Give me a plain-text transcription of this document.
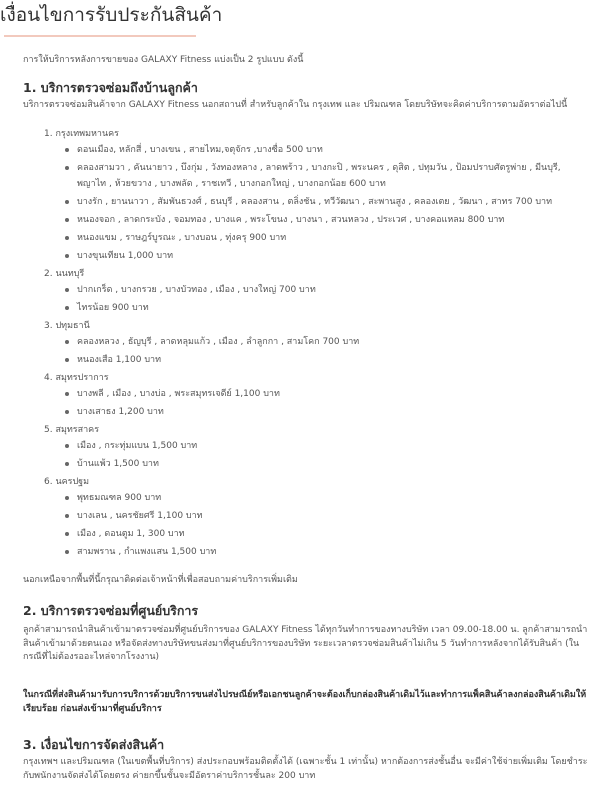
เงื่อนไขการรับประกันสินค้า
การให้บริการหลังการขายของ GALAXY Fitness แบ่งเป็น 2 รูปแบบ ดังนี้
1. บริการตรวจซ่อมถึงบ้านลูกค้า
บริการตรวจซ่อมสินค้าจาก GALAXY Fitness นอกสถานที่ สำหรับลูกค้าใน กรุงเทพ และ ปริมณฑล โดยบริษัทจะคิดค่าบริการตามอัตราต่อไปนี้
1. กรุงเทพมหานคร
ดอนเมือง, หลักสี่ , บางเขน , สายไหม,จตุจักร ,บางซื่อ 500 บาท
คลองสามวา , คันนายาว , บึงกุ่ม , วังทองหลาง , ลาดพร้าว , บางกะปิ , พระนคร , ดุสิต , ปทุมวัน , ป้อมปราบศัตรูพ่าย , มีนบุรี, พญาไท , ห้วยขวาง , บางพลัด , ราชเทวี , บางกอกใหญ่ , บางกอกน้อย 600 บาท
บางรัก , ยานนาวา , สัมพันธวงศ์ , ธนบุรี , คลองสาน , ตลิ่งชัน , ทวีวัฒนา , สะพานสูง , คลองเตย , วัฒนา , สาทร 700 บาท
หนองจอก , ลาดกระบัง , จอมทอง , บางแค , พระโขนง , บางนา , สวนหลวง , ประเวศ , บางคอแหลม 800 บาท
หนองแขม , ราษฎร์บูรณะ , บางบอน , ทุ่งครุ 900 บาท
บางขุนเทียน 1,000 บาท
2. นนทบุรี
ปากเกร็ด , บางกรวย , บางบัวทอง , เมือง , บางใหญ่ 700 บาท
ไทรน้อย 900 บาท
3. ปทุมธานี
คลองหลวง , ธัญบุรี , ลาดหลุมแก้ว , เมือง , ลำลูกกา , สามโคก 700 บาท
หนองเสือ 1,100 บาท
4. สมุทรปราการ
บางพลี , เมือง , บางบ่อ , พระสมุทรเจดีย์ 1,100 บาท
บางเสาธง 1,200 บาท
5. สมุทรสาคร
เมือง , กระทุ่มแบน 1,500 บาท
บ้านแพ้ว 1,500 บาท
6. นครปฐม
พุทธมณฑล 900 บาท
บางเลน , นครชัยศรี 1,100 บาท
เมือง , ดอนตูม 1, 300 บาท
สามพราน , กำแพงแสน 1,500 บาท
นอกเหนือจากพื้นที่นี้กรุณาติดต่อเจ้าหน้าที่เพื่อสอบถามค่าบริการเพิ่มเติม
2. บริการตรวจซ่อมที่ศูนย์บริการ
ลูกค้าสามารถนำสินค้าเข้ามาตรวจซ่อมที่ศูนย์บริการของ GALAXY Fitness ได้ทุกวันทำการของทางบริษัท เวลา 09.00-18.00 น. ลูกค้าสามารถนำสินค้าเข้ามาด้วยตนเอง หรือจัดส่งทางบริษัทขนส่งมาที่ศูนย์บริการของบริษัท ระยะเวลาตรวจซ่อมสินค้าไม่เกิน 5 วันทำการหลังจากได้รับสินค้า (ในกรณีที่ไม่ต้องรออะไหล่จากโรงงาน)
ในกรณีที่ส่งสินค้ามารับการบริการด้วยบริการขนส่งไปรษณีย์หรือเอกชนลูกค้าจะต้องเก็บกล่องสินค้าเดิมไว้และทำการแพ็คสินค้าลงกล่องสินค้าเดิมให้เรียบร้อย ก่อนส่งเข้ามาที่ศูนย์บริการ
3. เงื่อนไขการจัดส่งสินค้า
กรุงเทพฯ และปริมณฑล (ในเขตพื้นที่บริการ) ส่งประกอบพร้อมติดตั้งได้ (เฉพาะชั้น 1 เท่านั้น) หากต้องการส่งชั้นอื่น จะมีค่าใช้จ่ายเพิ่มเติม โดยชำระกับพนักงานจัดส่งได้โดยตรง ค่ายกขึ้นชั้นจะมีอัตราค่าบริการชั้นละ 200 บาท
